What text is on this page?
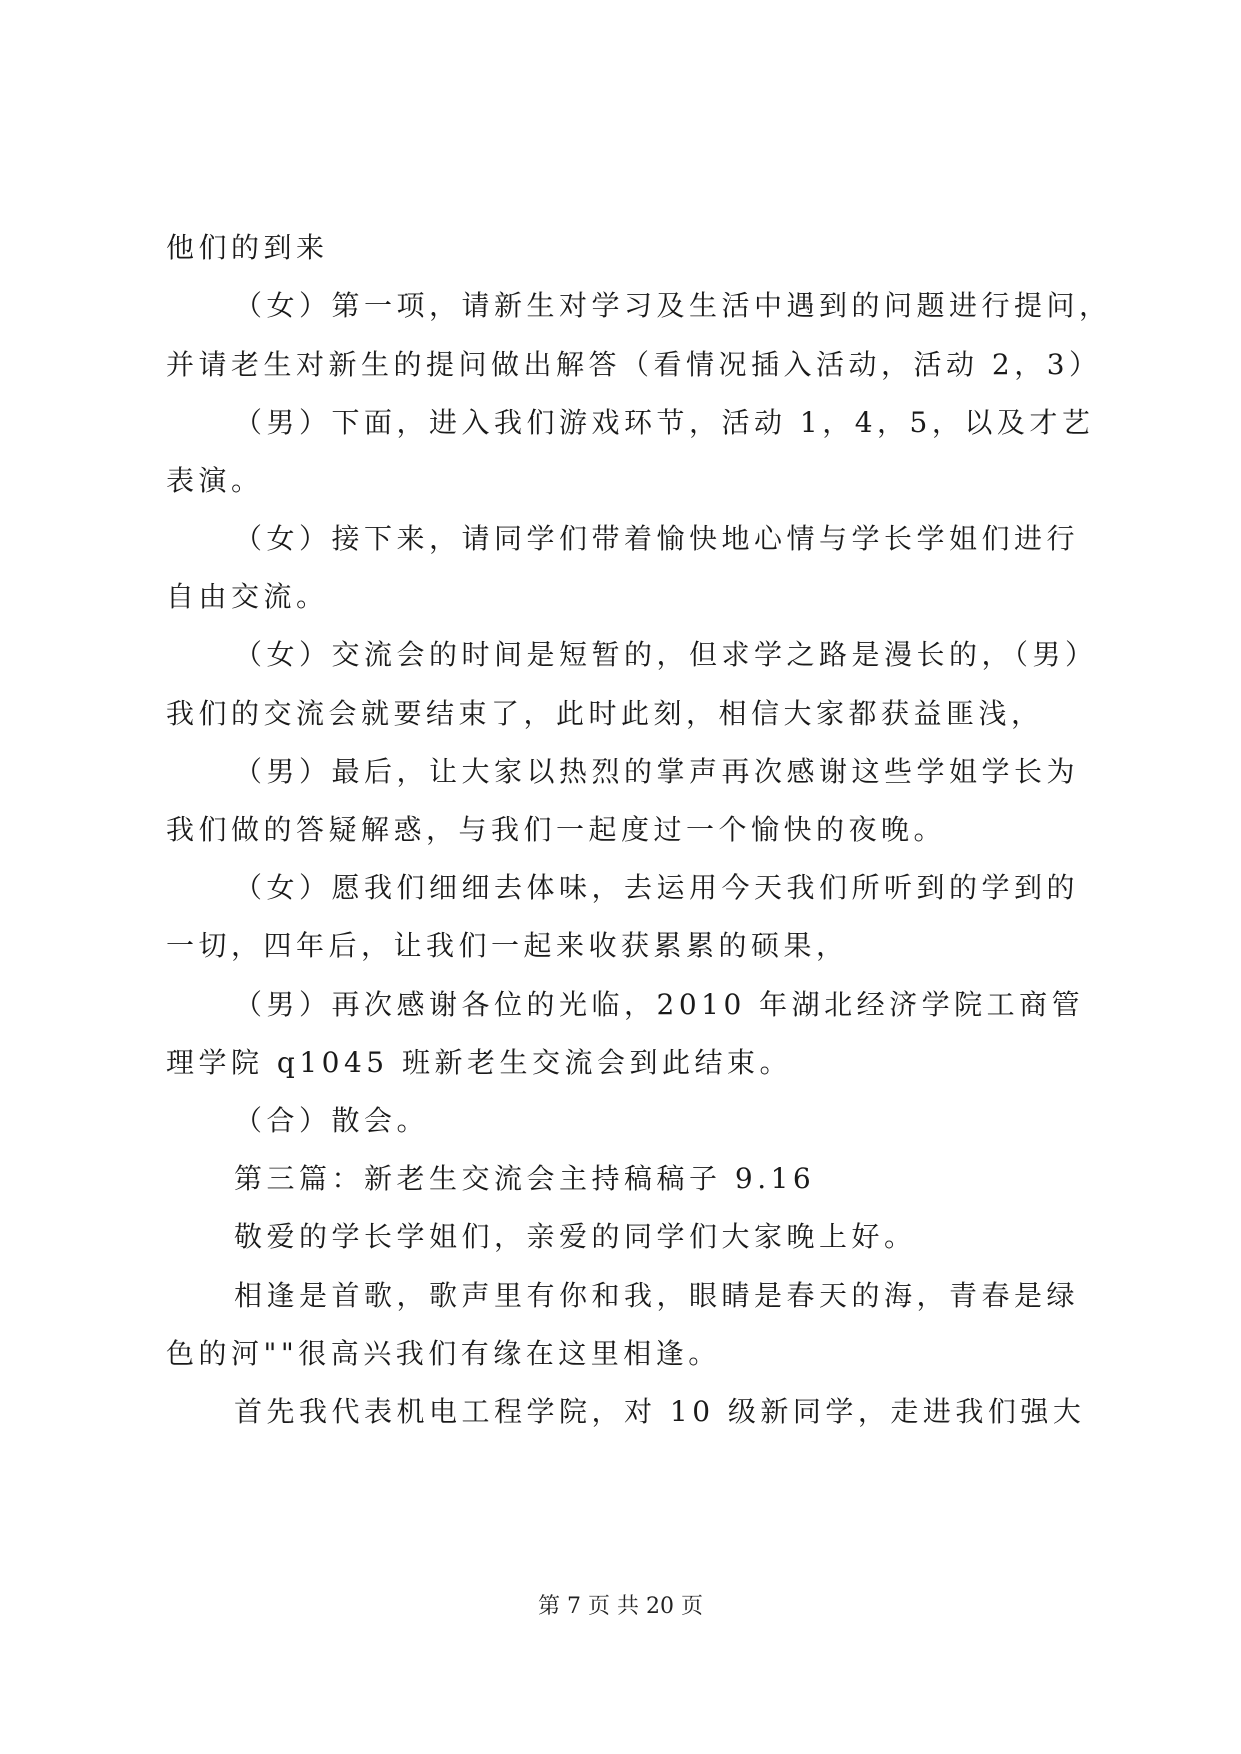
他们的到来
（女）第一项，请新生对学习及生活中遇到的问题进行提问，
并请老生对新生的提问做出解答（看情况插入活动，活动 2，3）
（男）下面，进入我们游戏环节，活动 1，4，5，以及才艺
表演。
（女）接下来，请同学们带着愉快地心情与学长学姐们进行
自由交流。
（女）交流会的时间是短暂的，但求学之路是漫长的，（男）
我们的交流会就要结束了，此时此刻，相信大家都获益匪浅，
（男）最后，让大家以热烈的掌声再次感谢这些学姐学长为
我们做的答疑解惑，与我们一起度过一个愉快的夜晚。
（女）愿我们细细去体味，去运用今天我们所听到的学到的
一切，四年后，让我们一起来收获累累的硕果，
（男）再次感谢各位的光临，2010 年湖北经济学院工商管
理学院 q1045 班新老生交流会到此结束。
（合）散会。
第三篇：新老生交流会主持稿稿子 9.16
敬爱的学长学姐们，亲爱的同学们大家晚上好。
相逢是首歌，歌声里有你和我，眼睛是春天的海，青春是绿
色的河""很高兴我们有缘在这里相逢。
首先我代表机电工程学院，对 10 级新同学，走进我们强大
第 7 页 共 20 页
